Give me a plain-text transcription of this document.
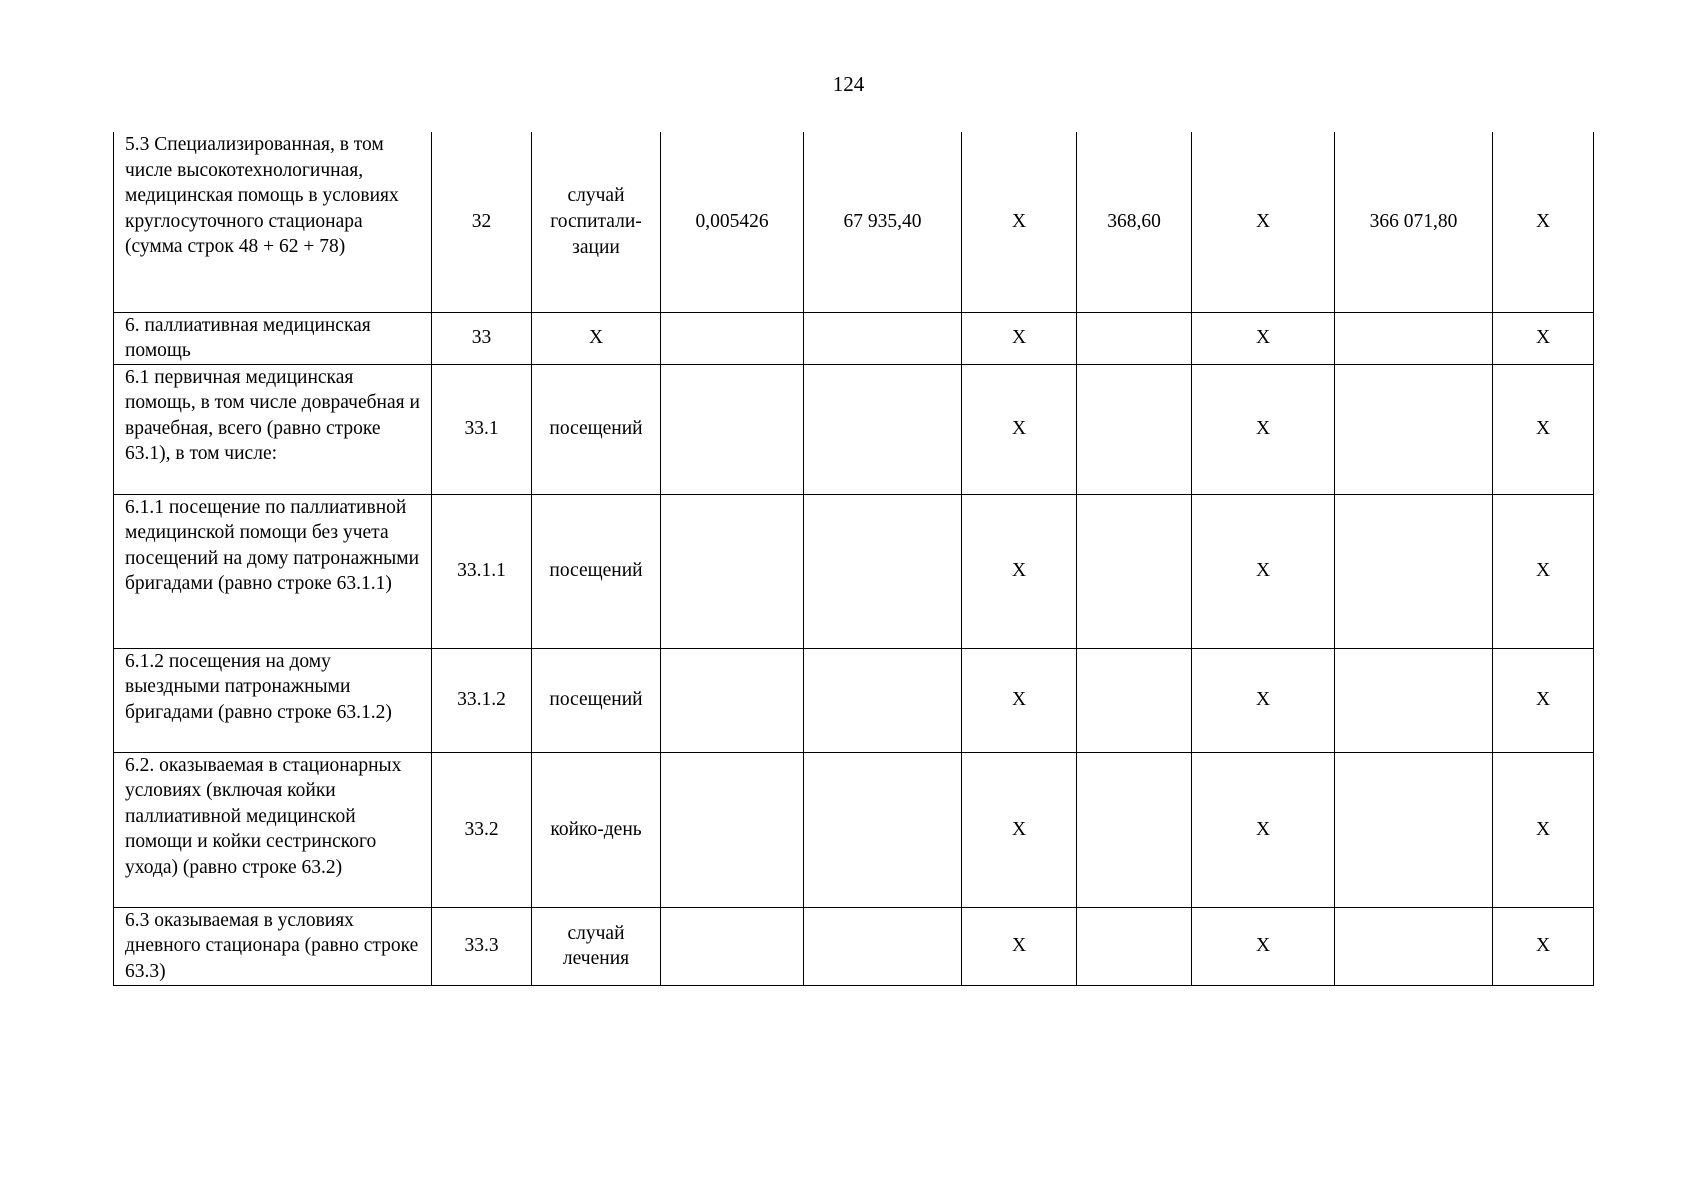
124
5.3 Специализированная, в том числе высокотехнологичная, медицинская помощь в условиях круглосуточного стационара (сумма строк 48 + 62 + 78)	32	случай госпитали-зации	0,005426	67 935,40	X	368,60	X	366 071,80	X

6. паллиативная медицинская помощь	33	X			X		X		X

6.1 первичная медицинская помощь, в том числе доврачебная и врачебная, всего (равно строке 63.1), в том числе:	33.1	посещений			X		X		X

6.1.1 посещение по паллиативной медицинской помощи без учета посещений на дому патронажными бригадами (равно строке 63.1.1)	33.1.1	посещений			X		X		X

6.1.2 посещения на дому выездными патронажными бригадами (равно строке 63.1.2)	33.1.2	посещений			X		X		X

6.2. оказываемая в стационарных условиях (включая койки паллиативной медицинской помощи и койки сестринского ухода) (равно строке 63.2)	33.2	койко-день			X		X		X

6.3 оказываемая в условиях дневного стационара (равно строке 63.3)	33.3	случай лечения			X		X		X
